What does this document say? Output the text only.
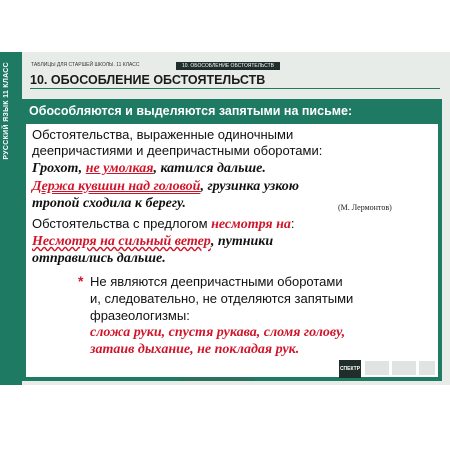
РУССКИЙ ЯЗЫК 11 КЛАСС	ТАБЛИЦЫ ДЛЯ СТАРШЕЙ ШКОЛЫ. 11 КЛАСС	10. ОБОСОБЛЕНИЕ ОБСТОЯТЕЛЬСТВ
10. ОБОСОБЛЕНИЕ ОБСТОЯТЕЛЬСТВ
Обособляются и выделяются запятыми на письме:
Обстоятельства, выраженные одиночными
деепричастиями и деепричастными оборотами:
Грохот, не умолкая, катился дальше.
Держа кувшин над головой, грузинка узкою
тропой сходила к берегу.	(М. Лермонтов)
Обстоятельства с предлогом несмотря на:
Несмотря на сильный ветер, путники
отправились дальше.
* Не являются деепричастными оборотами
и, следовательно, не отделяются запятыми
фразеологизмы:
сложа руки, спустя рукава, сломя голову,
затаив дыхание, не покладая рук.
10. ОБОСОБЛЕНИЕ ОБСТОЯТЕЛЬСТВ
СПЕКТР
